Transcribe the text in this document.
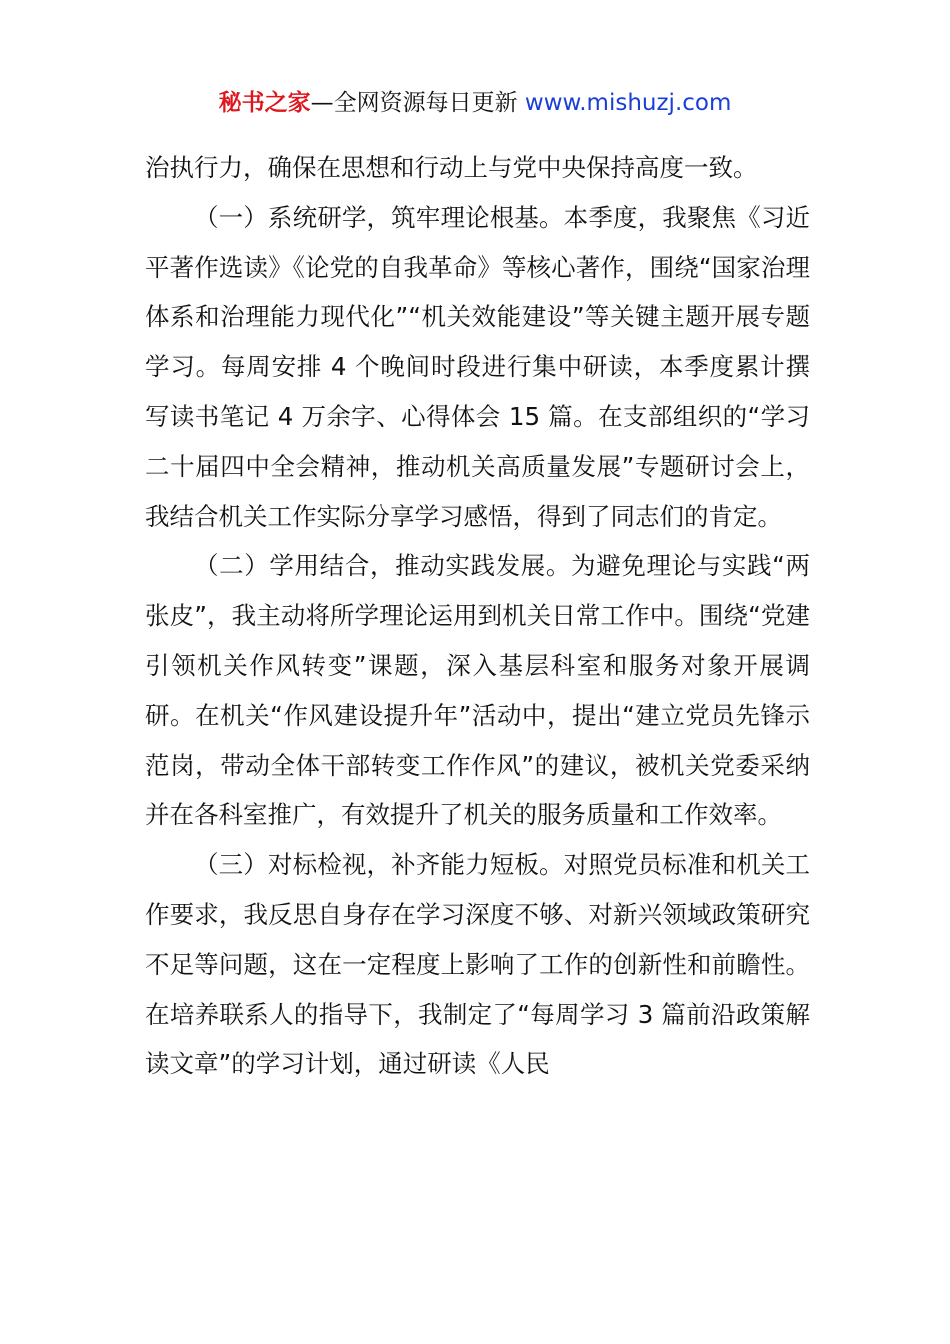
秘书之家—全网资源每日更新 www.mishuzj.com

治执行力，确保在思想和行动上与党中央保持高度一致。

（一）系统研学，筑牢理论根基。本季度，我聚焦《习近平著作选读》《论党的自我革命》等核心著作，围绕“国家治理体系和治理能力现代化”“机关效能建设”等关键主题开展专题学习。每周安排 4 个晚间时段进行集中研读，本季度累计撰写读书笔记 4 万余字、心得体会 15 篇。在支部组织的“学习二十届四中全会精神，推动机关高质量发展”专题研讨会上，我结合机关工作实际分享学习感悟，得到了同志们的肯定。

（二）学用结合，推动实践发展。为避免理论与实践“两张皮”，我主动将所学理论运用到机关日常工作中。围绕“党建引领机关作风转变”课题，深入基层科室和服务对象开展调研。在机关“作风建设提升年”活动中，提出“建立党员先锋示范岗，带动全体干部转变工作作风”的建议，被机关党委采纳并在各科室推广，有效提升了机关的服务质量和工作效率。

（三）对标检视，补齐能力短板。对照党员标准和机关工作要求，我反思自身存在学习深度不够、对新兴领域政策研究不足等问题，这在一定程度上影响了工作的创新性和前瞻性。在培养联系人的指导下，我制定了“每周学习 3 篇前沿政策解读文章”的学习计划，通过研读《人民
